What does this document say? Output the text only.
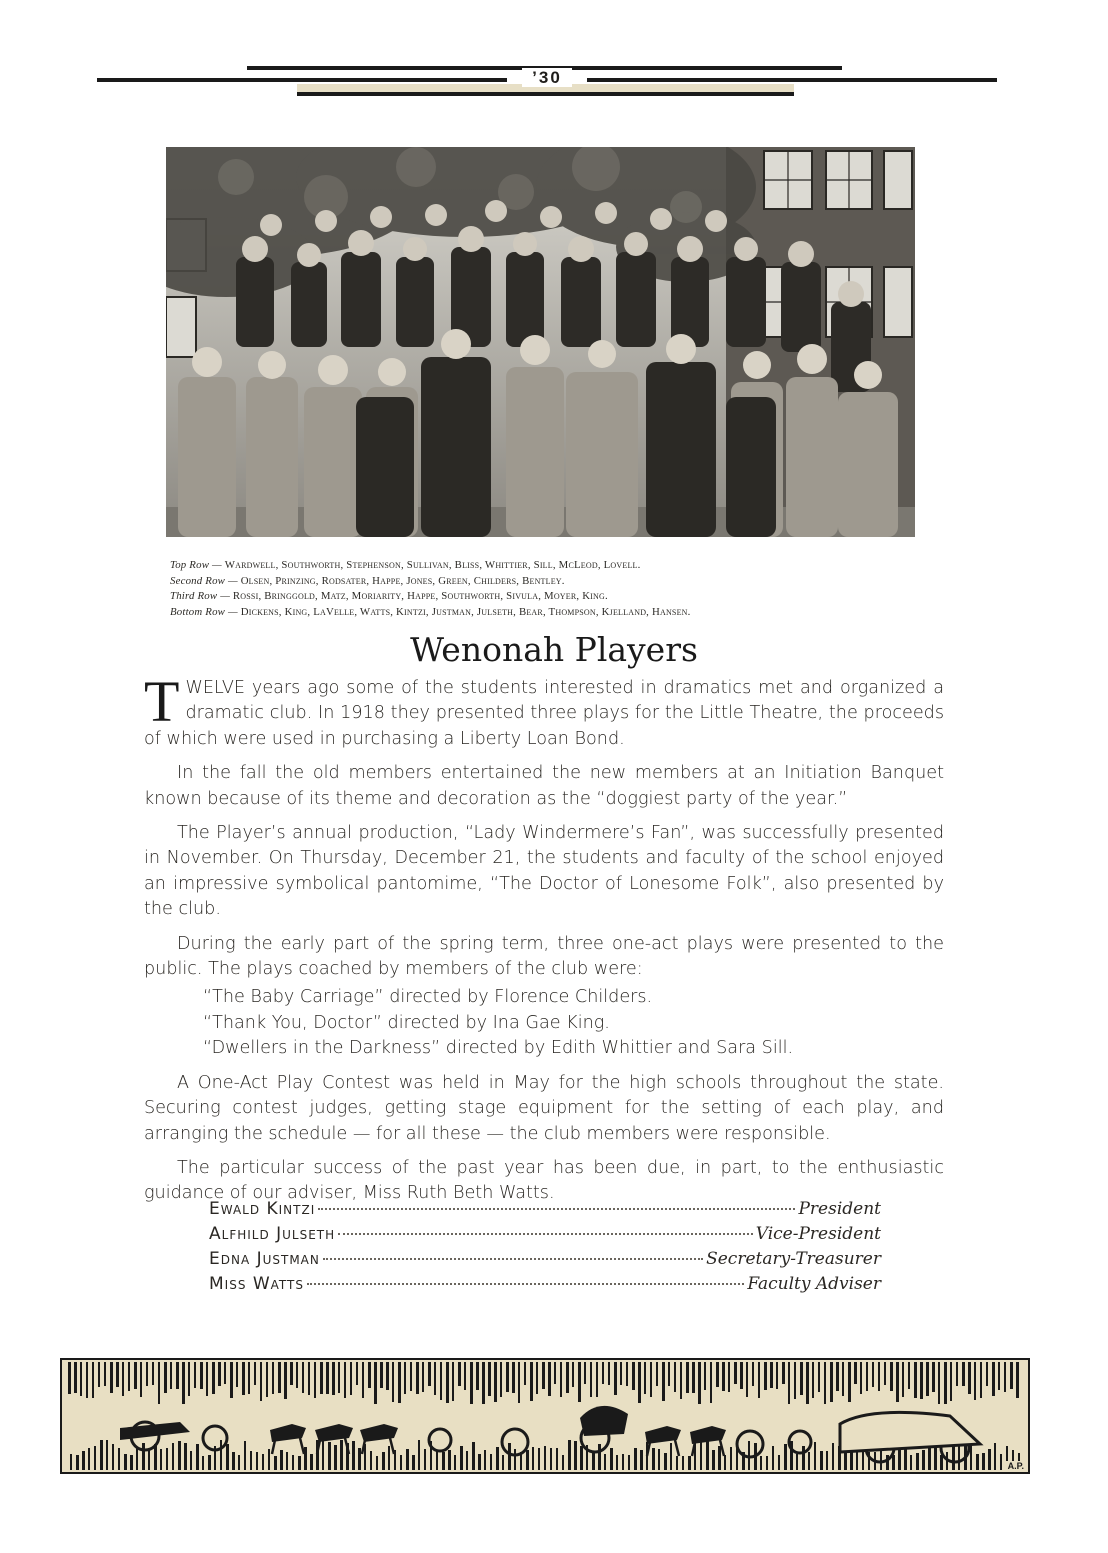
’30
Top Row — Wardwell, Southworth, Stephenson, Sullivan, Bliss, Whittier, Sill, McLeod, Lovell.
Second Row — Olsen, Prinzing, Rodsater, Happe, Jones, Green, Childers, Bentley.
Third Row — Rossi, Bringgold, Matz, Moriarity, Happe, Southworth, Sivula, Moyer, King.
Bottom Row — Dickens, King, LaVelle, Watts, Kintzi, Justman, Julseth, Bear, Thompson, Kjelland, Hansen.
Wenonah Players

TWELVE years ago some of the students interested in dramatics met and organized a dramatic club. In 1918 they presented three plays for the Little Theatre, the proceeds of which were used in purchasing a Liberty Loan Bond.

In the fall the old members entertained the new members at an Initiation Banquet known because of its theme and decoration as the “doggiest party of the year.”

The Player’s annual production, “Lady Windermere’s Fan”, was successfully presented in November. On Thursday, December 21, the students and faculty of the school enjoyed an impressive symbolical pantomime, “The Doctor of Lonesome Folk”, also presented by the club.

During the early part of the spring term, three one-act plays were presented to the public. The plays coached by members of the club were:

“The Baby Carriage” directed by Florence Childers.
“Thank You, Doctor” directed by Ina Gae King.
“Dwellers in the Darkness” directed by Edith Whittier and Sara Sill.

A One-Act Play Contest was held in May for the high schools throughout the state. Securing contest judges, getting stage equipment for the setting of each play, and arranging the schedule — for all these — the club members were responsible.

The particular success of the past year has been due, in part, to the enthusiastic guidance of our adviser, Miss Ruth Beth Watts.

Ewald Kintzi	President
Alfhild Julseth	Vice-President
Edna Justman	Secretary-Treasurer
Miss Watts	Faculty Adviser
A.P.
